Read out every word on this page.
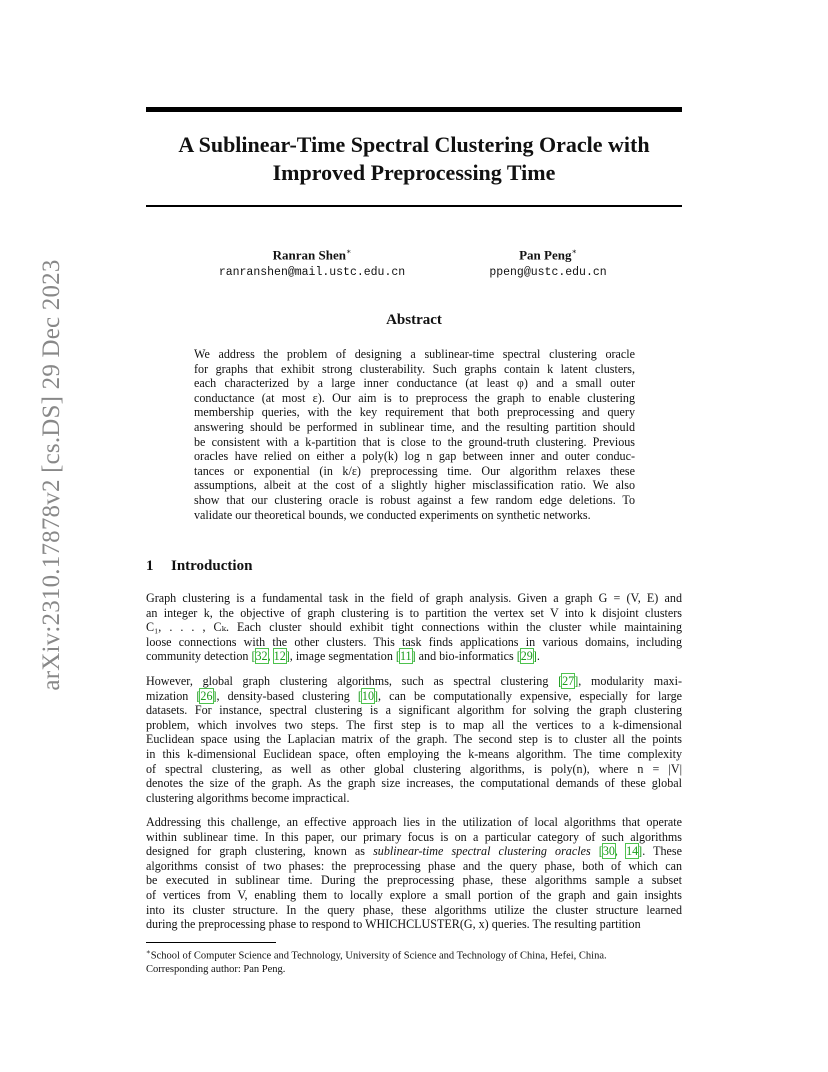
A Sublinear-Time Spectral Clustering Oracle with
Improved Preprocessing Time
arXiv:2310.17878v2 [cs.DS] 29 Dec 2023
Ranran Shen∗
ranranshen@mail.ustc.edu.cn
Pan Peng∗
ppeng@ustc.edu.cn
Abstract
We address the problem of designing a sublinear-time spectral clustering oracle
for graphs that exhibit strong clusterability. Such graphs contain k latent clusters,
each characterized by a large inner conductance (at least φ) and a small outer
conductance (at most ε). Our aim is to preprocess the graph to enable clustering
membership queries, with the key requirement that both preprocessing and query
answering should be performed in sublinear time, and the resulting partition should
be consistent with a k-partition that is close to the ground-truth clustering. Previous
oracles have relied on either a poly(k) log n gap between inner and outer conduc-
tances or exponential (in k/ε) preprocessing time. Our algorithm relaxes these
assumptions, albeit at the cost of a slightly higher misclassification ratio. We also
show that our clustering oracle is robust against a few random edge deletions. To
validate our theoretical bounds, we conducted experiments on synthetic networks.
1 Introduction
Graph clustering is a fundamental task in the field of graph analysis. Given a graph G = (V, E) and
an integer k, the objective of graph clustering is to partition the vertex set V into k disjoint clusters
C₁, . . . , Cₖ. Each cluster should exhibit tight connections within the cluster while maintaining
loose connections with the other clusters. This task finds applications in various domains, including
community detection [32, 12], image segmentation [11] and bio-informatics [29].
However, global graph clustering algorithms, such as spectral clustering [27], modularity maxi-
mization [26], density-based clustering [10], can be computationally expensive, especially for large
datasets. For instance, spectral clustering is a significant algorithm for solving the graph clustering
problem, which involves two steps. The first step is to map all the vertices to a k-dimensional
Euclidean space using the Laplacian matrix of the graph. The second step is to cluster all the points
in this k-dimensional Euclidean space, often employing the k-means algorithm. The time complexity
of spectral clustering, as well as other global clustering algorithms, is poly(n), where n = |V|
denotes the size of the graph. As the graph size increases, the computational demands of these global
clustering algorithms become impractical.
Addressing this challenge, an effective approach lies in the utilization of local algorithms that operate
within sublinear time. In this paper, our primary focus is on a particular category of such algorithms
designed for graph clustering, known as sublinear-time spectral clustering oracles [30, 14]. These
algorithms consist of two phases: the preprocessing phase and the query phase, both of which can
be executed in sublinear time. During the preprocessing phase, these algorithms sample a subset
of vertices from V, enabling them to locally explore a small portion of the graph and gain insights
into its cluster structure. In the query phase, these algorithms utilize the cluster structure learned
during the preprocessing phase to respond to WHICHCLUSTER(G, x) queries. The resulting partition
∗School of Computer Science and Technology, University of Science and Technology of China, Hefei, China.
Corresponding author: Pan Peng.
